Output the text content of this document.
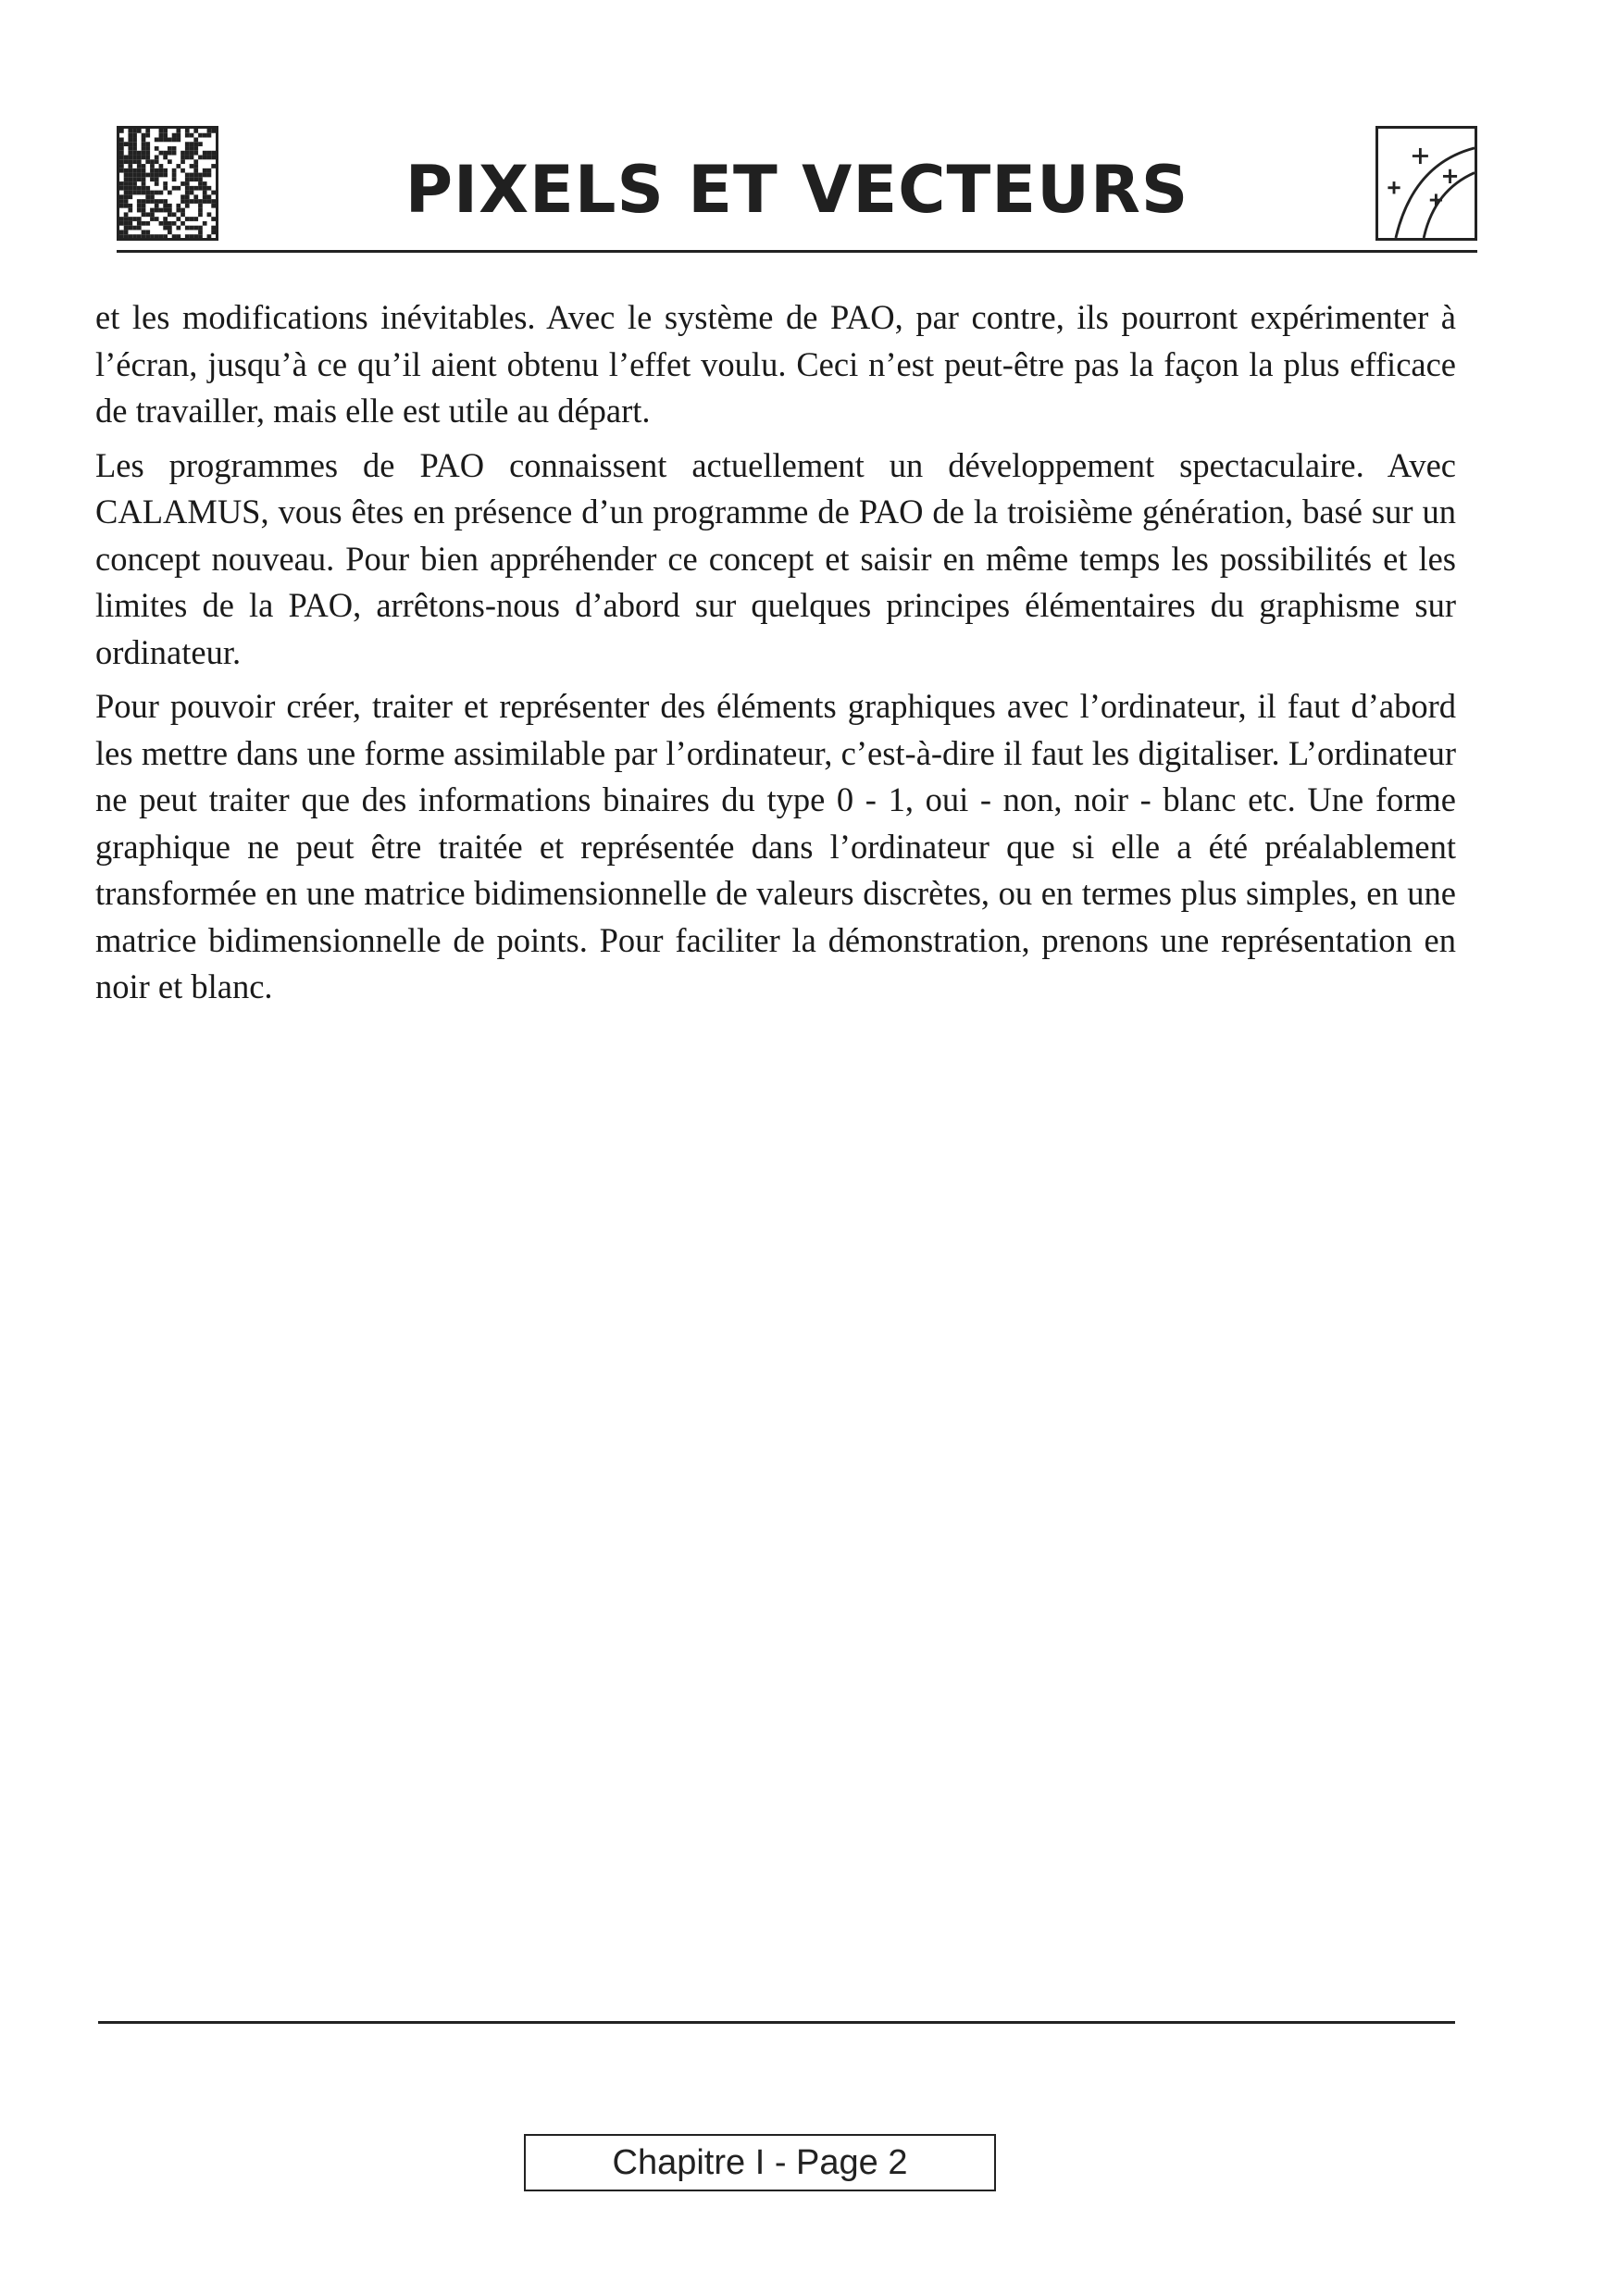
PIXELS ET VECTEURS

et les modifications inévitables. Avec le système de PAO, par contre, ils pourront expérimenter à l’écran, jusqu’à ce qu’il aient obtenu l’effet voulu. Ceci n’est peut-être pas la façon la plus efficace de travailler, mais elle est utile au départ.

Les programmes de PAO connaissent actuellement un développement spectaculaire. Avec CALAMUS, vous êtes en présence d’un programme de PAO de la troisième génération, basé sur un concept nouveau. Pour bien appréhender ce concept et saisir en même temps les possibilités et les limites de la PAO, arrêtons-nous d’abord sur quelques principes élémentaires du graphisme sur ordinateur.

Pour pouvoir créer, traiter et représenter des éléments graphiques avec l’ordinateur, il faut d’abord les mettre dans une forme assimilable par l’ordinateur, c’est-à-dire il faut les digitaliser. L’ordinateur ne peut traiter que des informations binaires du type 0 - 1, oui - non, noir - blanc etc. Une forme graphique ne peut être traitée et représentée dans l’ordinateur que si elle a été préalablement transformée en une matrice bidimensionnelle de valeurs discrètes, ou en termes plus simples, en une matrice bidimensionnelle de points. Pour faciliter la démonstration, prenons une représentation en noir et blanc.

Chapitre I - Page 2
